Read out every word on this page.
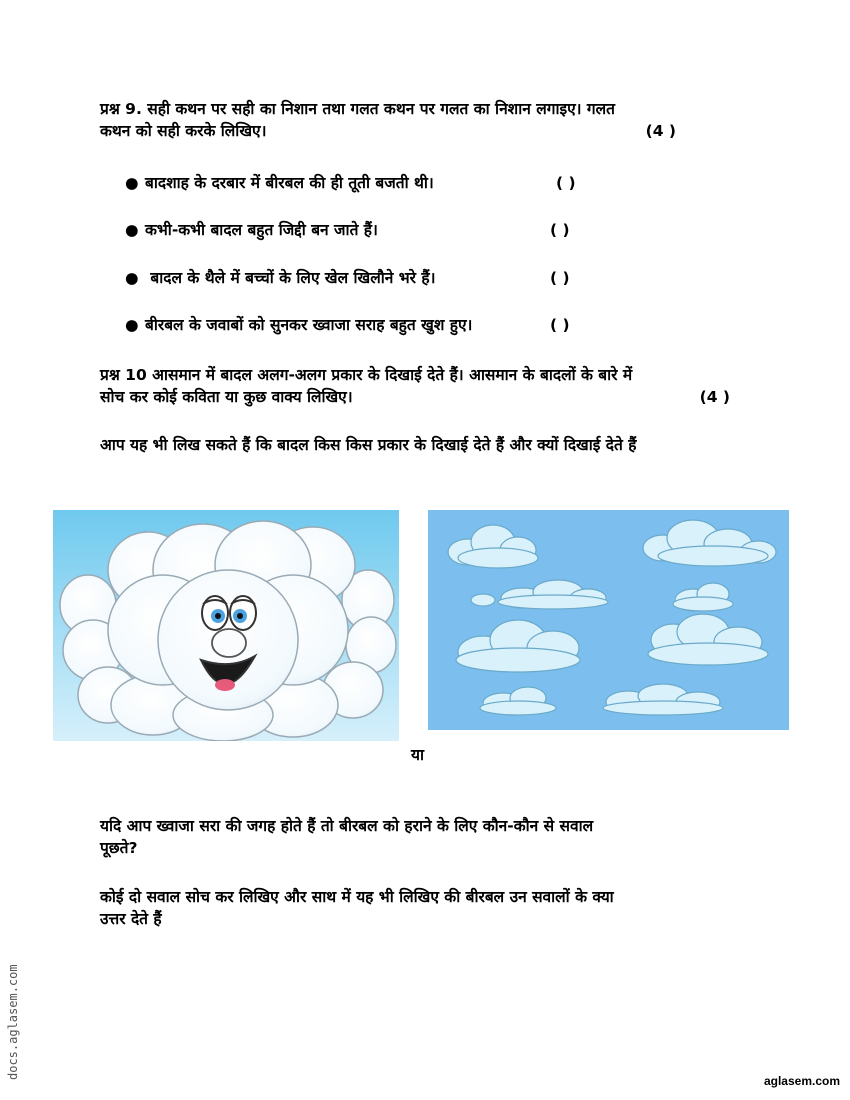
प्रश्न 9. सही कथन पर सही का निशान तथा गलत कथन पर गलत का निशान लगाइए। गलत
कथन को सही करके लिखिए।	(4 )
● बादशाह के दरबार में बीरबल की ही तूती बजती थी।	( )
● कभी-कभी बादल बहुत जिद्दी बन जाते हैं।	( )
● बादल के थैले में बच्चों के लिए खेल खिलौने भरे हैं।	( )
● बीरबल के जवाबों को सुनकर ख्वाजा सराह बहुत खुश हुए।	( )
प्रश्न 10 आसमान में बादल अलग-अलग प्रकार के दिखाई देते हैं। आसमान के बादलों के बारे में
सोच कर कोई कविता या कुछ वाक्य लिखिए।	(4 )
आप यह भी लिख सकते हैं कि बादल किस किस प्रकार के दिखाई देते हैं और क्यों दिखाई देते हैं
या
यदि आप ख्वाजा सरा की जगह होते हैं तो बीरबल को हराने के लिए कौन-कौन से सवाल
पूछते?
कोई दो सवाल सोच कर लिखिए और साथ में यह भी लिखिए की बीरबल उन सवालों के क्या
उत्तर देते हैं
docs.aglasem.com
aglasem.com
